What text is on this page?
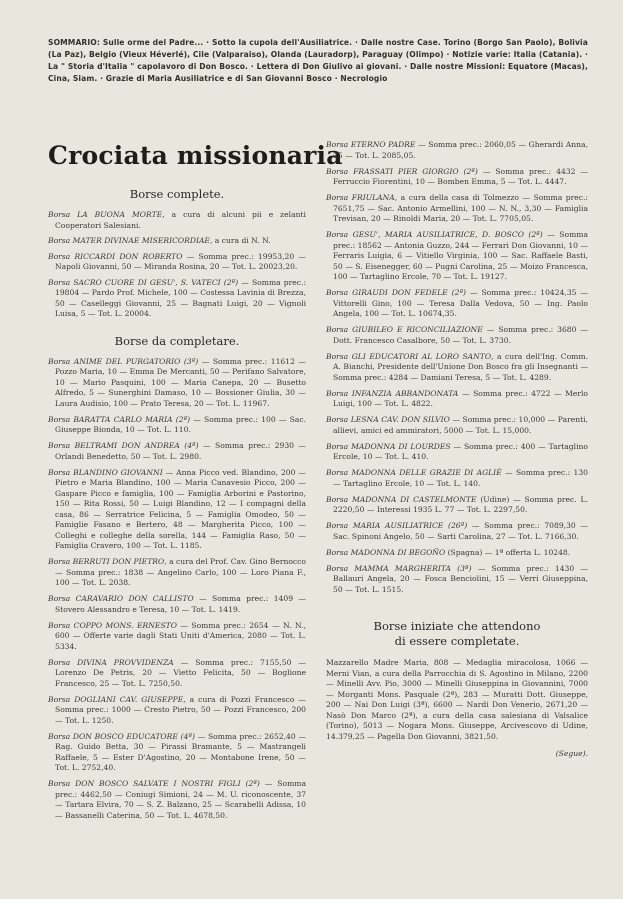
SOMMARIO: Sulle orme del Padre... · Sotto la cupola dell'Ausiliatrice. · Dalle nostre Case. Torino (Borgo San Paolo), Bolivia (La Paz), Belgio (Vieux Héverlé), Cile (Valparaiso), Olanda (Lauradorp), Paraguay (Olimpo) · Notizie varie: Italia (Catania). · La " Storia d'Italia " capolavoro di Don Bosco. · Lettera di Don Giulivo ai giovani. · Dalle nostre Missioni: Equatore (Macas), Cina, Siam. · Grazie di Maria Ausiliatrice e di San Giovanni Bosco · Necrologio
Crociata missionaria
Borse complete.

Borsa LA BUONA MORTE, a cura di alcuni pii e zelanti Cooperatori Salesiani.

Borsa MATER DIVINAE MISERICORDIAE, a cura di N. N.

Borsa RICCARDI DON ROBERTO — Somma prec.: 19953,20 — Napoli Giovanni, 50 — Miranda Rosina, 20 — Tot. L. 20023,20.

Borsa SACRO CUORE DI GESU', S. VATECI (2ª) — Somma prec.: 19804 — Pardo Prof. Michele, 100 — Costessa Lavinia di Brezza, 50 — Caselleggi Giovanni, 25 — Bagnati Luigi, 20 — Vignoli Luisa, 5 — Tot. L. 20004.

Borse da completare.

Borsa ANIME DEL PURGATORIO (3ª) — Somma prec.: 11612 — Pozzo Maria, 10 — Emma De Mercanti, 50 — Perifano Salvatore, 10 — Mario Pasquini, 100 — Maria Canepa, 20 — Busetto Alfredo, 5 — Sunerghini Damaso, 10 — Bossioner Giulia, 30 — Laura Audisio, 100 — Prato Teresa, 20 — Tot. L. 11967.

Borsa BARATTA CARLO MARIA (2ª) — Somma prec.: 100 — Sac. Giuseppe Bionda, 10 — Tot. L. 110.

Borsa BELTRAMI DON ANDREA (4ª) — Somma prec.: 2930 — Orlandi Benedetto, 50 — Tot. L. 2980.

Borsa BLANDINO GIOVANNI — Anna Picco ved. Blandino, 200 — Pietro e Maria Blandino, 100 — Maria Canavesio Picco, 200 — Gaspare Picco e famiglia, 100 — Famiglia Arborini e Pastorino, 150 — Rita Rossi, 50 — Luigi Blandino, 12 — I compagni della casa, 86 — Serratrice Felicina, 5 — Famiglia Omodeo, 50 — Famiglie Fasano e Bertero, 48 — Margherita Picco, 100 — Colleghi e colleghe della sorella, 144 — Famiglia Raso, 50 — Famiglia Cravero, 100 — Tot. L. 1185.

Borsa BERRUTI DON PIETRO, a cura del Prof. Cav. Gino Bernocco — Somma prec.: 1838 — Angelino Carlo, 100 — Loro Piana F., 100 — Tot. L. 2038.

Borsa CARAVARIO DON CALLISTO — Somma prec.: 1409 — Stovero Alessandro e Teresa, 10 — Tot. L. 1419.

Borsa COPPO MONS. ERNESTO — Somma prec.: 2654 — N. N., 600 — Offerte varie dagli Stati Uniti d'America, 2080 — Tot. L. 5334.

Borsa DIVINA PROVVIDENZA — Somma prec.: 7155,50 — Lorenzo De Petris, 20 — Vietto Felicita, 50 — Boglione Francesco, 25 — Tot. L. 7250,50.

Borsa DOGLIANI CAV. GIUSEPPE, a cura di Pozzi Francesco — Somma prec.: 1000 — Cresto Pietro, 50 — Pozzi Francesco, 200 — Tot. L. 1250.

Borsa DON BOSCO EDUCATORE (4ª) — Somma prec.: 2652,40 — Rag. Guido Betta, 30 — Pirassi Bramante, 5 — Mastrangeli Raffaele, 5 — Ester D'Agostino, 20 — Montabone Irene, 50 — Tot. L. 2752,40.

Borsa DON BOSCO SALVATE I NOSTRI FIGLI (2ª) — Somma prec.: 4462,50 — Coniugi Simioni, 24 — M. U. riconoscente, 37 — Tartara Elvira, 70 — S. Z. Balzano, 25 — Scarabelli Adissa, 10 — Bassanelli Caterina, 50 — Tot. L. 4678,50.

Borsa ETERNO PADRE — Somma prec.: 2060,05 — Gherardi Anna, 25 — Tot. L. 2085,05.

Borsa FRASSATI PIER GIORGIO (2ª) — Somma prec.: 4432 — Ferruccio Fiorentini, 10 — Bomben Emma, 5 — Tot. L. 4447.

Borsa FRIULANA, a cura della casa di Tolmezzo — Somma prec.: 7651,75 — Sac. Antonio Armellini, 100 — N. N., 3,30 — Famiglia Trevisan, 20 — Rinoldi Maria, 20 — Tot. L. 7705,05.

Borsa GESU', MARIA AUSILIATRICE, D. BOSCO (2ª) — Somma prec.: 18562 — Antonia Guzzo, 244 — Ferrari Don Giovanni, 10 — Ferraris Luigia, 6 — Vitiello Virginia, 100 — Sac. Raffaele Basti, 50 — S. Eisenegger, 60 — Pugni Carolina, 25 — Moizo Francesca, 100 — Tartaglino Ercole, 70 — Tot. L. 19127.

Borsa GIRAUDI DON FEDELE (2ª) — Somma prec.: 10424,35 — Vittorelli Gino, 100 — Teresa Dalla Vedova, 50 — Ing. Paolo Angela, 100 — Tot. L. 10674,35.

Borsa GIUBILEO E RICONCILIAZIONE — Somma prec.: 3680 — Dott. Francesco Casalbore, 50 — Tot. L. 3730.

Borsa GLI EDUCATORI AL LORO SANTO, a cura dell'Ing. Comm. A. Bianchi, Presidente dell'Unione Don Bosco fra gli Insegnanti — Somma prec.: 4284 — Damiani Teresa, 5 — Tot. L. 4289.

Borsa INFANZIA ABBANDONATA — Somma prec.: 4722 — Merlo Luigi, 100 — Tot. L. 4822.

Borsa LESNA CAV. DON SILVIO — Somma prec.: 10,000 — Parenti, allievi, amici ed ammiratori, 5000 — Tot. L. 15,000.

Borsa MADONNA DI LOURDES — Somma prec.: 400 — Tartaglino Ercole, 10 — Tot. L. 410.

Borsa MADONNA DELLE GRAZIE DI AGLIÈ — Somma prec.: 130 — Tartaglino Ercole, 10 — Tot. L. 140.

Borsa MADONNA DI CASTELMONTE (Udine) — Somma prec. L. 2220,50 — Interessi 1935 L. 77 — Tot. L. 2297,50.

Borsa MARIA AUSILIATRICE (26ª) — Somma prec.: 7089,30 — Sac. Spinoni Angelo, 50 — Sarti Carolina, 27 — Tot. L. 7166,30.

Borsa MADONNA DI BEGOÑO (Spagna) — 1ª offerta L. 10248.

Borsa MAMMA MARGHERITA (3ª) — Somma prec.: 1430 — Ballauri Angela, 20 — Fosca Benciolini, 15 — Verri Giuseppina, 50 — Tot. L. 1515.

Borse iniziate che attendono
di essere completate.

Mazzarello Madre Maria, 808 — Medaglia miracolosa, 1066 — Merni Vian, a cura della Parrocchia di S. Agostino in Milano, 2200 — Minelli Avv. Pio, 3000 — Minelli Giuseppina in Giovannini, 7000 — Morganti Mons. Pasquale (2ª), 283 — Muratti Dott. Giuseppe, 200 — Nai Don Luigi (3ª), 6600 — Nardi Don Venerio, 2671,20 — Nasò Don Marco (2ª), a cura della casa salesiana di Valsalice (Torino), 5013 — Nogara Mons. Giuseppe, Arcivescovo di Udine, 14.379,25 — Pagella Don Giovanni, 3821,50.

(Segue).
